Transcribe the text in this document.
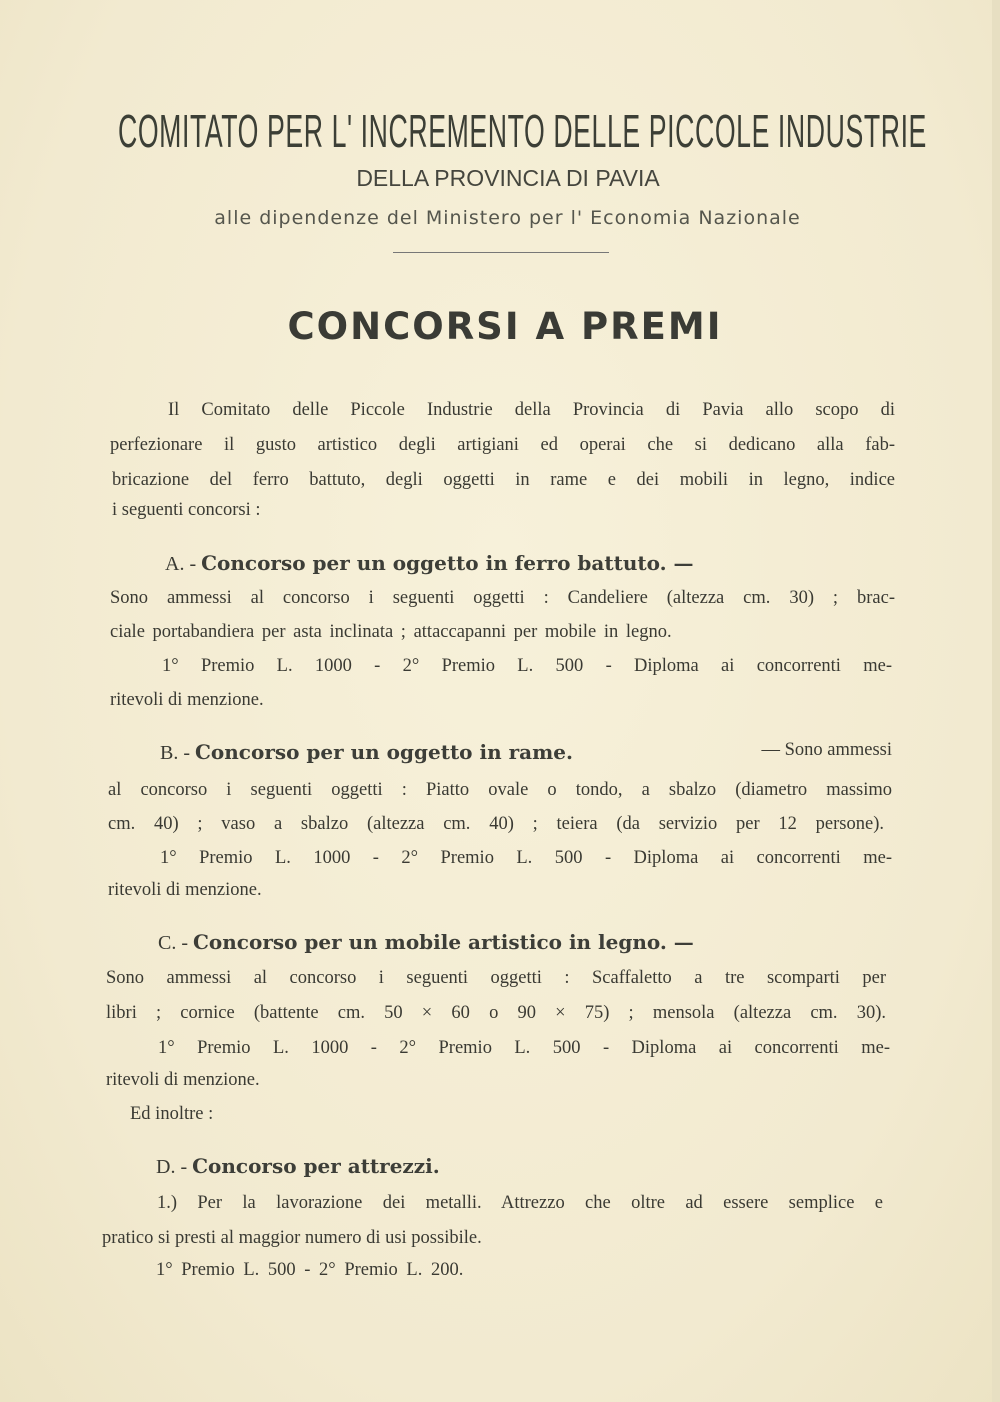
COMITATO PER L' INCREMENTO DELLE PICCOLE INDUSTRIE
DELLA PROVINCIA DI PAVIA
alle dipendenze del Ministero per l' Economia Nazionale
CONCORSI A PREMI
Il Comitato delle Piccole Industrie della Provincia di Pavia allo scopo di
perfezionare il gusto artistico degli artigiani ed operai che si dedicano alla fab-
bricazione del ferro battuto, degli oggetti in rame e dei mobili in legno, indice
i seguenti concorsi :
A. - Concorso per un oggetto in ferro battuto. —
Sono ammessi al concorso i seguenti oggetti : Candeliere (altezza cm. 30) ; brac-
ciale portabandiera per asta inclinata ; attaccapanni per mobile in legno.
1° Premio L. 1000 - 2° Premio L. 500 - Diploma ai concorrenti me-
ritevoli di menzione.
B. - Concorso per un oggetto in rame.	— Sono ammessi
al concorso i seguenti oggetti : Piatto ovale o tondo, a sbalzo (diametro massimo
cm. 40) ; vaso a sbalzo (altezza cm. 40) ; teiera (da servizio per 12 persone).
1° Premio L. 1000 - 2° Premio L. 500 - Diploma ai concorrenti me-
ritevoli di menzione.
C. - Concorso per un mobile artistico in legno. —
Sono ammessi al concorso i seguenti oggetti : Scaffaletto a tre scomparti per
libri ; cornice (battente cm. 50 × 60 o 90 × 75) ; mensola (altezza cm. 30).
1° Premio L. 1000 - 2° Premio L. 500 - Diploma ai concorrenti me-
ritevoli di menzione.
Ed inoltre :
D. - Concorso per attrezzi.
1.) Per la lavorazione dei metalli. Attrezzo che oltre ad essere semplice e
pratico si presti al maggior numero di usi possibile.
1° Premio L. 500 - 2° Premio L. 200.
